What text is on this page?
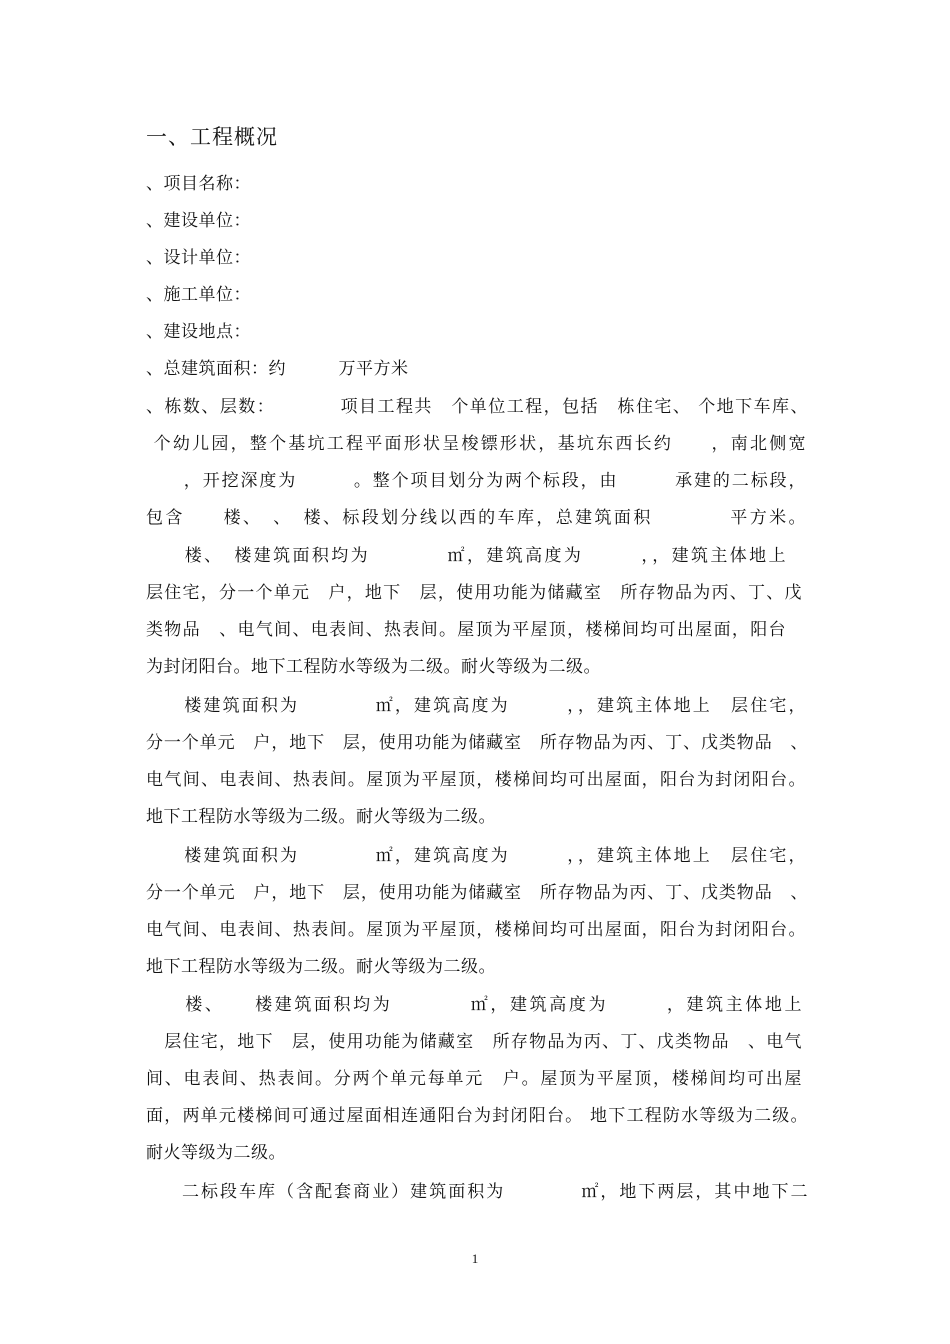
一、工程概况
、项目名称：
、建设单位：
、设计单位：
、施工单位：
、建设地点：
、总建筑面积：约　　　万平方米
、栋数、层数：　　　　项目工程共　个单位工程，包括　栋住宅、 个地下车库、
个幼儿园，整个基坑工程平面形状呈梭镖形状，基坑东西长约　　，南北侧宽
　　，开挖深度为　　　。整个项目划分为两个标段，由　　　承建的二标段，
包含　　楼、　、　楼、标段划分线以西的车库，总建筑面积　　　　平方米。
　　楼、　楼建筑面积均为　　　　㎡，建筑高度为　　　，，建筑主体地上
层住宅，分一个单元　户，地下　层，使用功能为储藏室　所存物品为丙、丁、戊
类物品　、电气间、电表间、热表间。屋顶为平屋顶，楼梯间均可出屋面，阳台
为封闭阳台。地下工程防水等级为二级。耐火等级为二级。
　　楼建筑面积为　　　　㎡，建筑高度为　　　，，建筑主体地上　层住宅，
分一个单元　户，地下　层，使用功能为储藏室　所存物品为丙、丁、戊类物品　、
电气间、电表间、热表间。屋顶为平屋顶，楼梯间均可出屋面，阳台为封闭阳台。
地下工程防水等级为二级。耐火等级为二级。
　　楼建筑面积为　　　　㎡，建筑高度为　　　，，建筑主体地上　层住宅，
分一个单元　户，地下　层，使用功能为储藏室　所存物品为丙、丁、戊类物品　、
电气间、电表间、热表间。屋顶为平屋顶，楼梯间均可出屋面，阳台为封闭阳台。
地下工程防水等级为二级。耐火等级为二级。
　　楼、　　楼建筑面积均为　　　　㎡，建筑高度为　　　，建筑主体地上
　层住宅，地下　层，使用功能为储藏室　所存物品为丙、丁、戊类物品　、电气
间、电表间、热表间。分两个单元每单元　户。屋顶为平屋顶，楼梯间均可出屋
面，两单元楼梯间可通过屋面相连通阳台为封闭阳台。 地下工程防水等级为二级。
耐火等级为二级。
二标段车库（含配套商业）建筑面积为　　　　㎡，地下两层，其中地下二
1
